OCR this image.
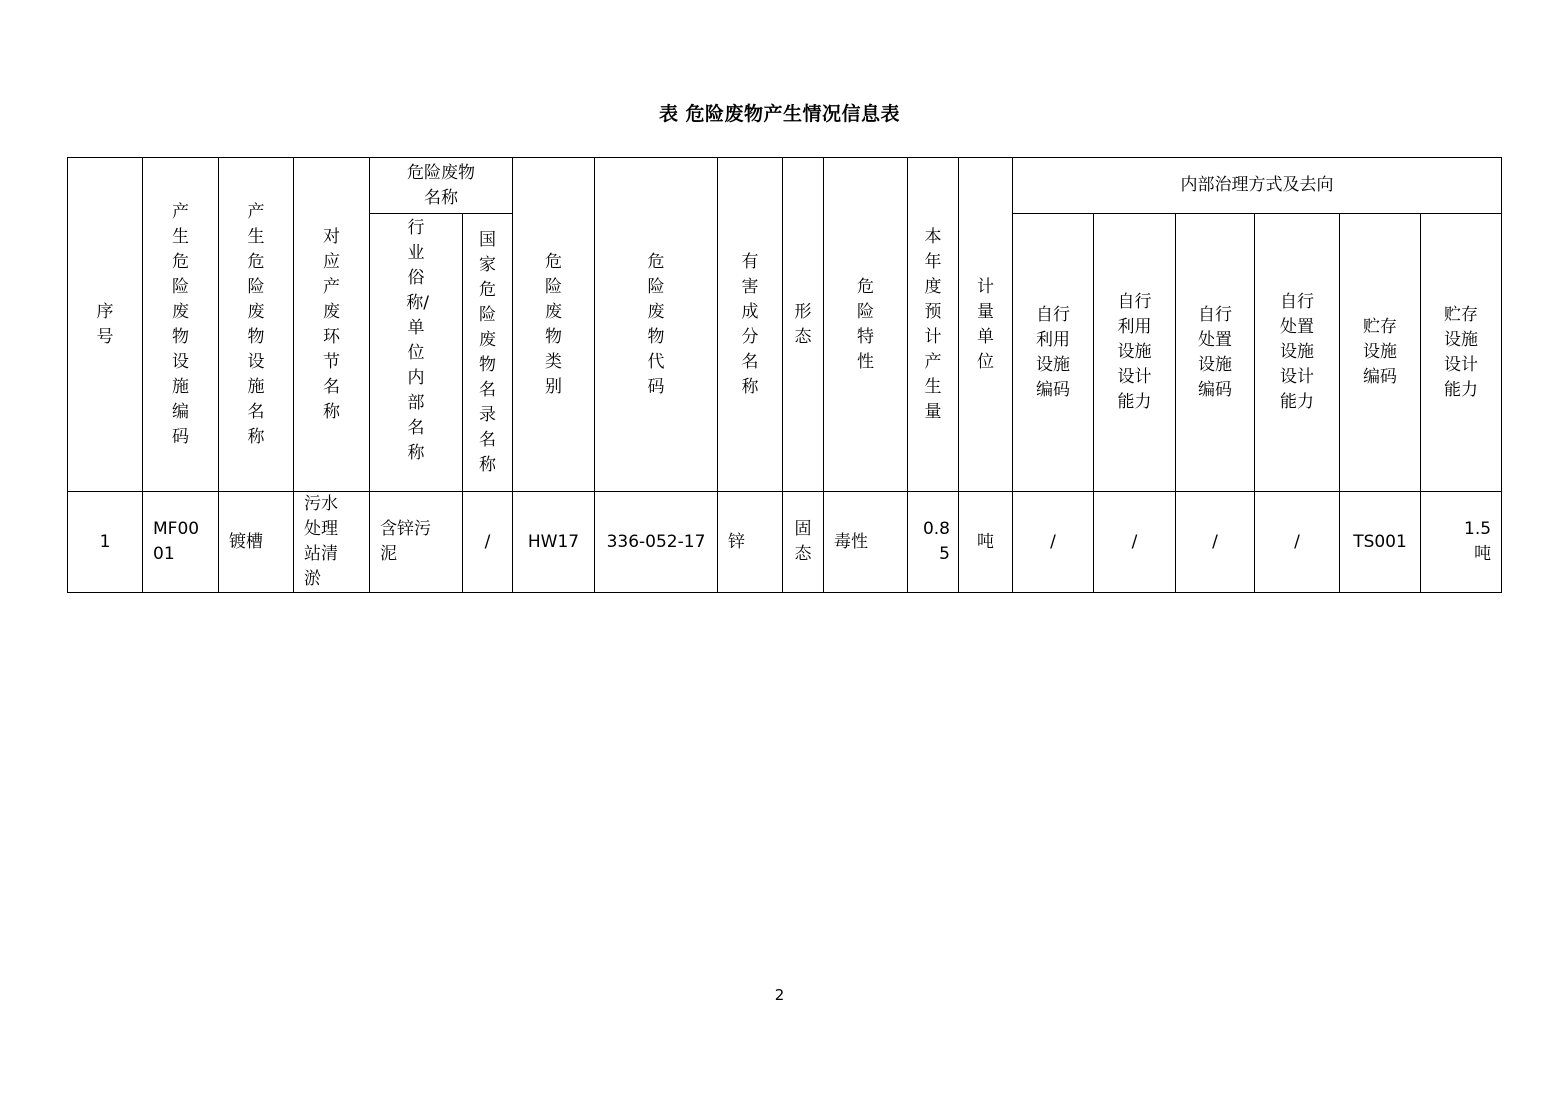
表 危险废物产生情况信息表
序号	产生危险废物设施编码	产生危险废物设施名称	对应产废环节名称	危险废物名称		危险废物类别	危险废物代码	有害成分名称	形态	危险特性	本年度预计产生量	计量单位	内部治理方式及去向					
				行业俗称/单位内部名称	国家危险废物名录名称								自行利用设施编码	自行利用设施设计能力	自行处置设施编码	自行处置设施设计能力	贮存设施编码	贮存设施设计能力
1	MF0001	镀槽	污水处理站清淤	含锌污泥	/	HW17	336-052-17	锌	固态	毒性	0.85	吨	/	/	/	/	TS001	1.5吨
2
